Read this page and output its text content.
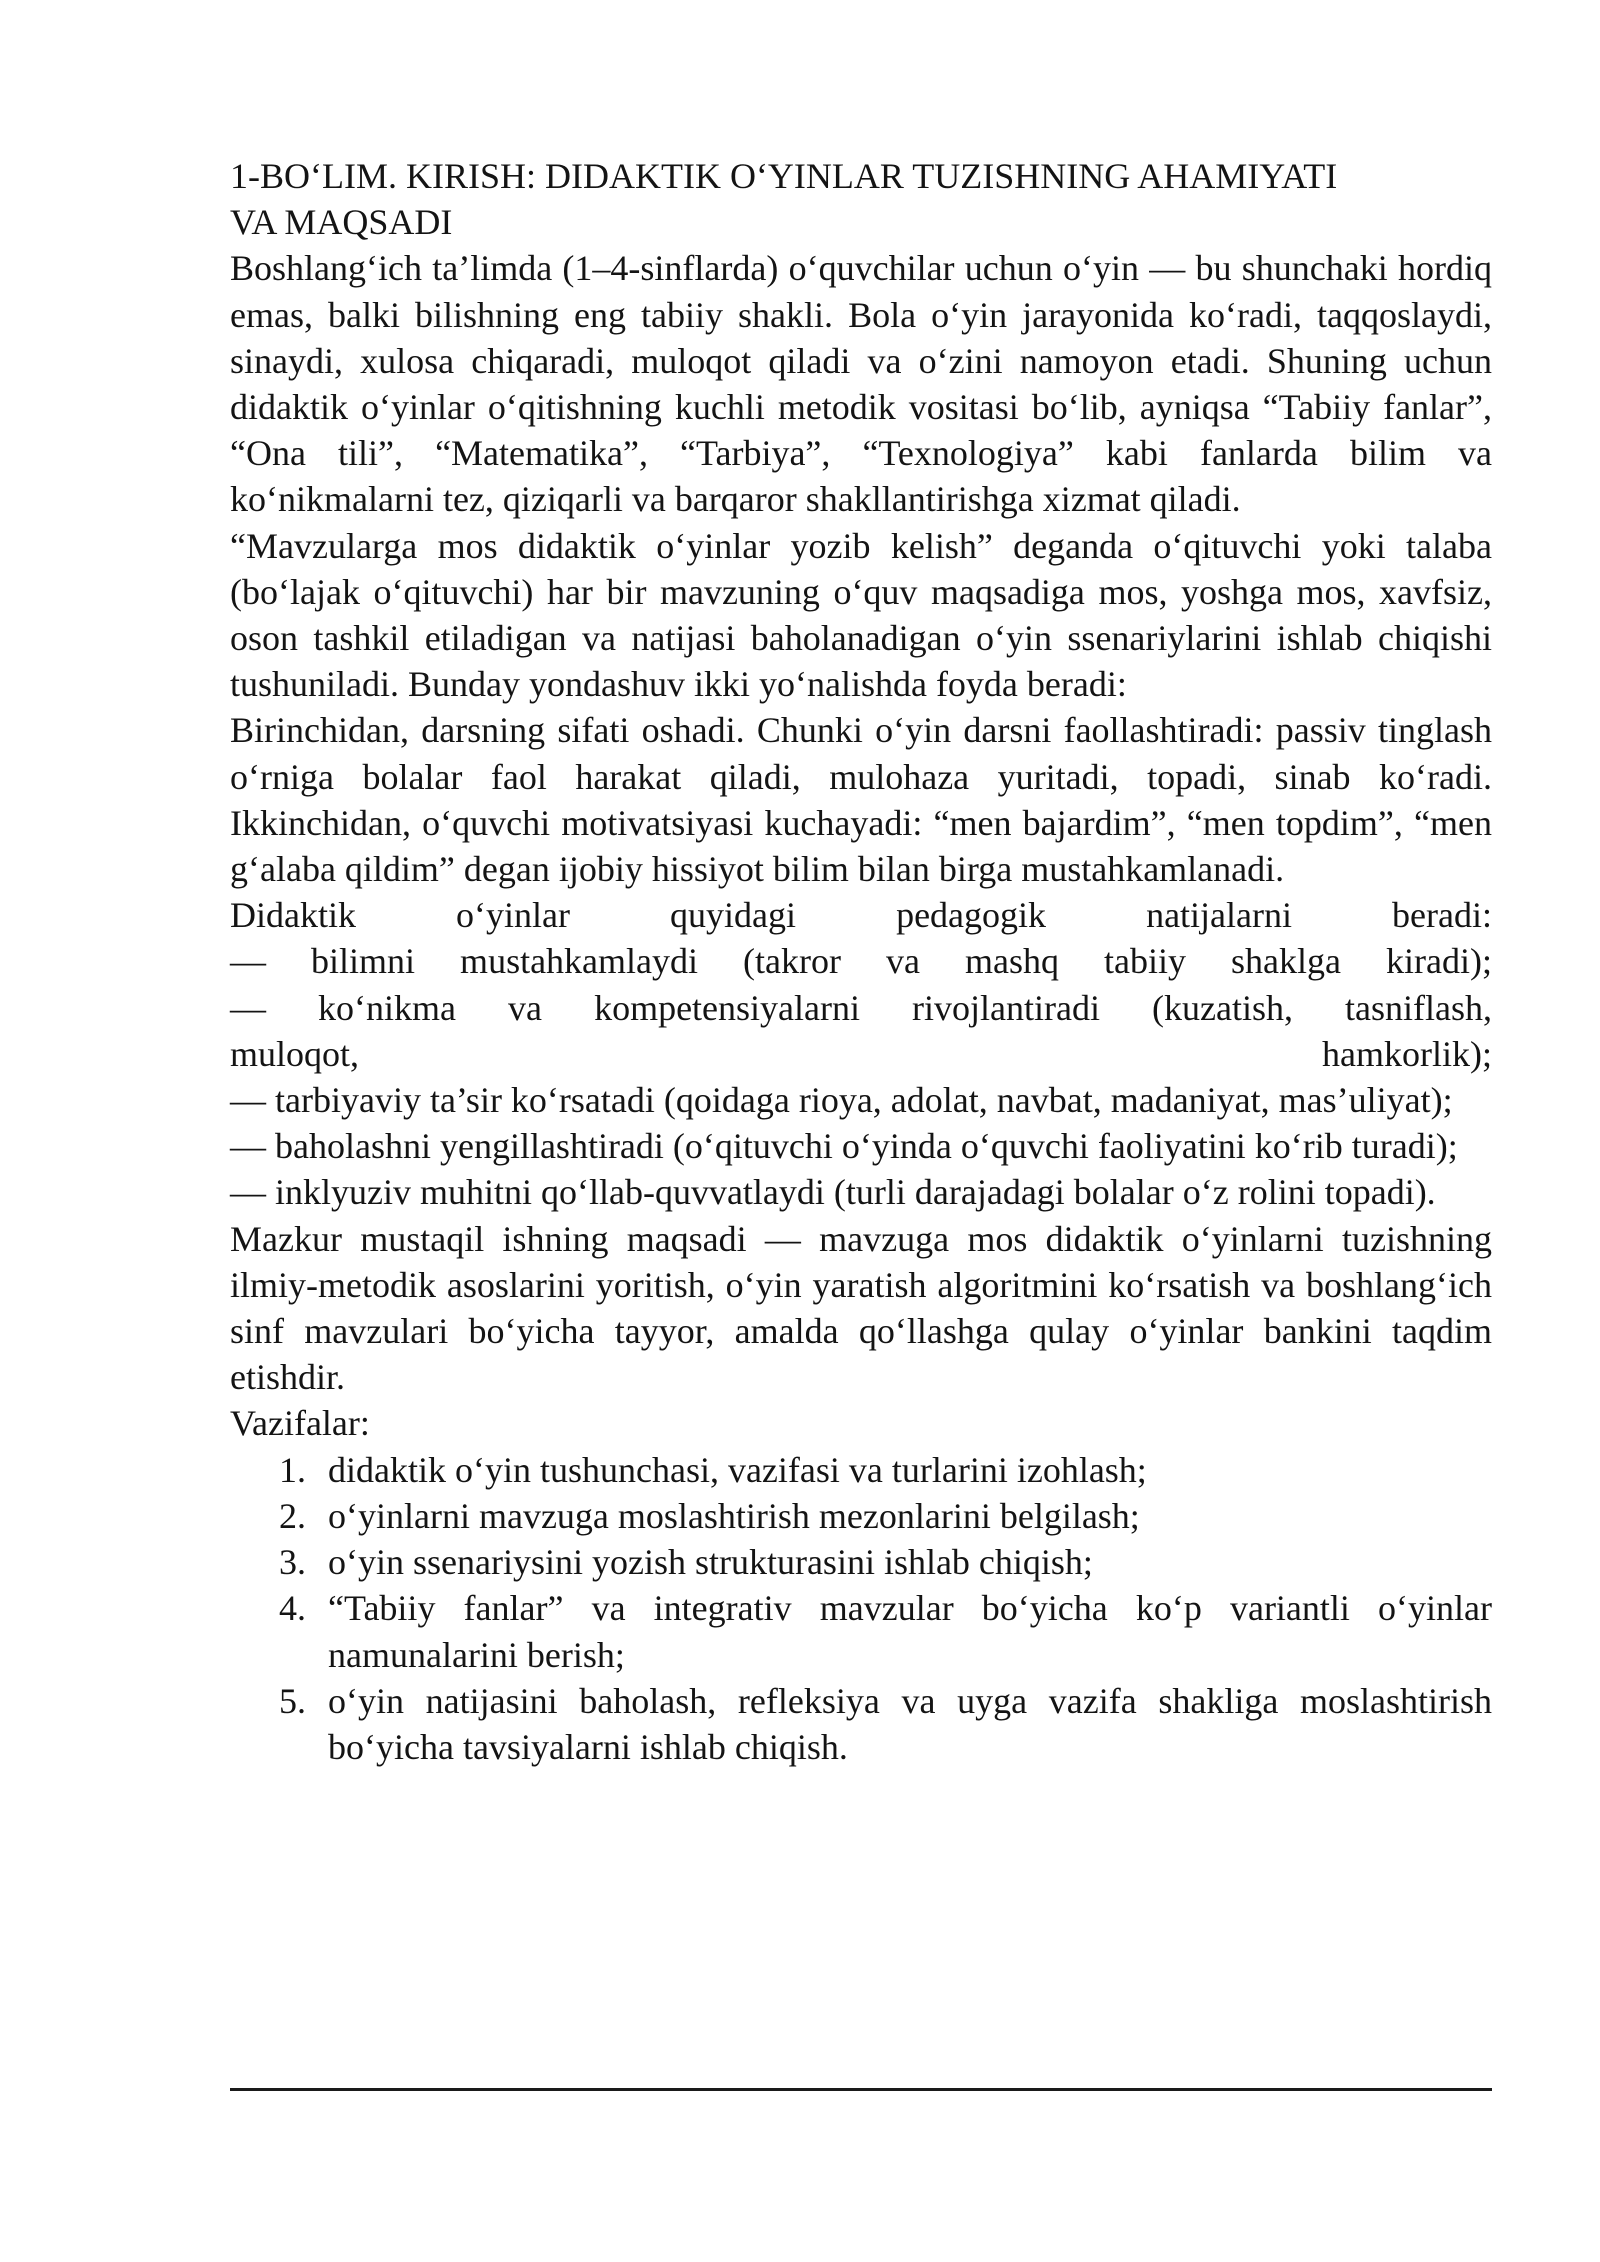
1-BO‘LIM. KIRISH: DIDAKTIK O‘YINLAR TUZISHNING AHAMIYATI
VA MAQSADI

Boshlang‘ich ta’limda (1–4-sinflarda) o‘quvchilar uchun o‘yin — bu shunchaki hordiq emas, balki bilishning eng tabiiy shakli. Bola o‘yin jarayonida ko‘radi, taqqoslaydi, sinaydi, xulosa chiqaradi, muloqot qiladi va o‘zini namoyon etadi. Shuning uchun didaktik o‘yinlar o‘qitishning kuchli metodik vositasi bo‘lib, ayniqsa “Tabiiy fanlar”, “Ona tili”, “Matematika”, “Tarbiya”, “Texnologiya” kabi fanlarda bilim va ko‘nikmalarni tez, qiziqarli va barqaror shakllantirishga xizmat qiladi.

“Mavzularga mos didaktik o‘yinlar yozib kelish” deganda o‘qituvchi yoki talaba (bo‘lajak o‘qituvchi) har bir mavzuning o‘quv maqsadiga mos, yoshga mos, xavfsiz, oson tashkil etiladigan va natijasi baholanadigan o‘yin ssenariylarini ishlab chiqishi tushuniladi. Bunday yondashuv ikki yo‘nalishda foyda beradi:

Birinchidan, darsning sifati oshadi. Chunki o‘yin darsni faollashtiradi: passiv tinglash o‘rniga bolalar faol harakat qiladi, mulohaza yuritadi, topadi, sinab ko‘radi. Ikkinchidan, o‘quvchi motivatsiyasi kuchayadi: “men bajardim”, “men topdim”, “men g‘alaba qildim” degan ijobiy hissiyot bilim bilan birga mustahkamlanadi.

Didaktik o‘yinlar quyidagi pedagogik natijalarni beradi:
— bilimni mustahkamlaydi (takror va mashq tabiiy shaklga kiradi);
— ko‘nikma va kompetensiyalarni rivojlantiradi (kuzatish, tasniflash,
muloqot, hamkorlik);
— tarbiyaviy ta’sir ko‘rsatadi (qoidaga rioya, adolat, navbat, madaniyat, mas’uliyat);
— baholashni yengillashtiradi (o‘qituvchi o‘yinda o‘quvchi faoliyatini ko‘rib turadi);
— inklyuziv muhitni qo‘llab-quvvatlaydi (turli darajadagi bolalar o‘z rolini topadi).

Mazkur mustaqil ishning maqsadi — mavzuga mos didaktik o‘yinlarni tuzishning ilmiy-metodik asoslarini yoritish, o‘yin yaratish algoritmini ko‘rsatish va boshlang‘ich sinf mavzulari bo‘yicha tayyor, amalda qo‘llashga qulay o‘yinlar bankini taqdim etishdir.

Vazifalar:

1. didaktik o‘yin tushunchasi, vazifasi va turlarini izohlash;
2. o‘yinlarni mavzuga moslashtirish mezonlarini belgilash;
3. o‘yin ssenariysini yozish strukturasini ishlab chiqish;
4. “Tabiiy fanlar” va integrativ mavzular bo‘yicha ko‘p variantli o‘yinlar namunalarini berish;
5. o‘yin natijasini baholash, refleksiya va uyga vazifa shakliga moslashtirish bo‘yicha tavsiyalarni ishlab chiqish.
